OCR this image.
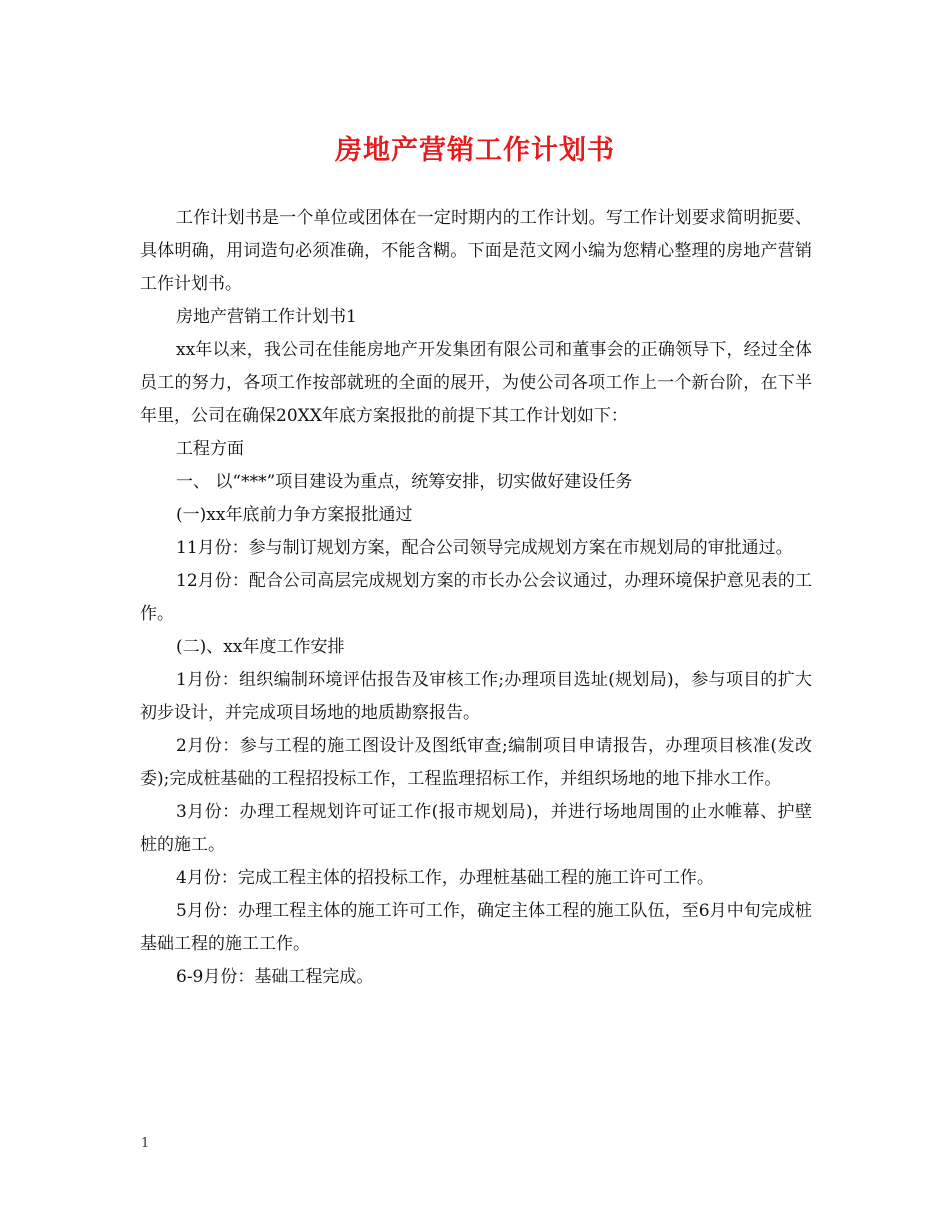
房地产营销工作计划书

工作计划书是一个单位或团体在一定时期内的工作计划。写工作计划要求简明扼要、具体明确，用词造句必须准确，不能含糊。下面是范文网小编为您精心整理的房地产营销工作计划书。

房地产营销工作计划书1

xx年以来，我公司在佳能房地产开发集团有限公司和董事会的正确领导下，经过全体员工的努力，各项工作按部就班的全面的展开，为使公司各项工作上一个新台阶，在下半年里，公司在确保20XX年底方案报批的前提下其工作计划如下：

工程方面

一、 以“***”项目建设为重点，统筹安排，切实做好建设任务

(一)xx年底前力争方案报批通过

11月份：参与制订规划方案，配合公司领导完成规划方案在市规划局的审批通过。

12月份：配合公司高层完成规划方案的市长办公会议通过，办理环境保护意见表的工作。

(二)、xx年度工作安排

1月份：组织编制环境评估报告及审核工作;办理项目选址(规划局)，参与项目的扩大初步设计，并完成项目场地的地质勘察报告。

2月份：参与工程的施工图设计及图纸审查;编制项目申请报告，办理项目核准(发改委);完成桩基础的工程招投标工作，工程监理招标工作，并组织场地的地下排水工作。

3月份：办理工程规划许可证工作(报市规划局)，并进行场地周围的止水帷幕、护壁桩的施工。

4月份：完成工程主体的招投标工作，办理桩基础工程的施工许可工作。

5月份：办理工程主体的施工许可工作，确定主体工程的施工队伍，至6月中旬完成桩基础工程的施工工作。

6-9月份：基础工程完成。

1
